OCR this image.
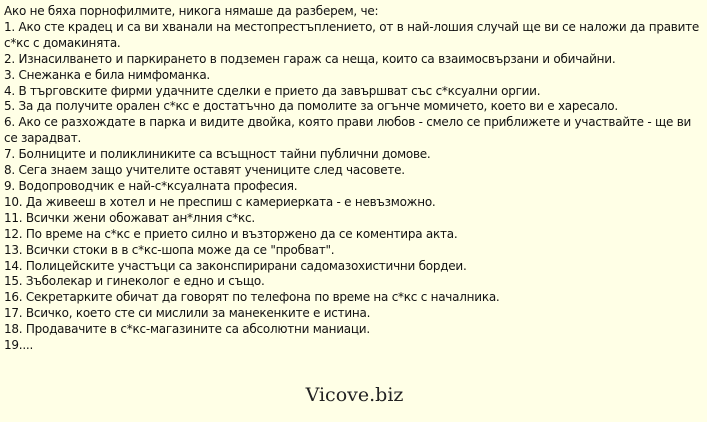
Ако не бяха порнофилмите, никога нямаше да разберем, че:
1. Ако сте крадец и са ви хванали на местопрестъплението, от в най-лошия случай ще ви се наложи да правите с*кс с домакинята.
2. Изнасилването и паркирането в подземен гараж са неща, които са взаимосвързани и обичайни.
3. Снежанка е била нимфоманка.
4. В търговските фирми удачните сделки е прието да завършват със с*ксуални оргии.
5. За да получите орален с*кс е достатъчно да помолите за огънче момичето, което ви е харесало.
6. Ако се разхождате в парка и видите двойка, която прави любов - смело се приближете и участвайте - ще ви се зарадват.
7. Болниците и поликлиниките са всъщност тайни публични домове.
8. Сега знаем защо учителите оставят учениците след часовете.
9. Водопроводчик е най-с*ксуалната професия.
10. Да живееш в хотел и не преспиш с камериерката - е невъзможно.
11. Всички жени обожават ан*лния с*кс.
12. По време на с*кс е прието силно и възторжено да се коментира акта.
13. Всички стоки в в с*кс-шопа може да се "пробват".
14. Полицейските участъци са законспирирани садомазохистични бордеи.
15. Зъболекар и гинеколог е едно и също.
16. Секретарките обичат да говорят по телефона по време на с*кс с началника.
17. Всичко, което сте си мислили за манекенките е истина.
18. Продавачите в с*кс-магазините са абсолютни маниаци.
19....
Vicove.biz
